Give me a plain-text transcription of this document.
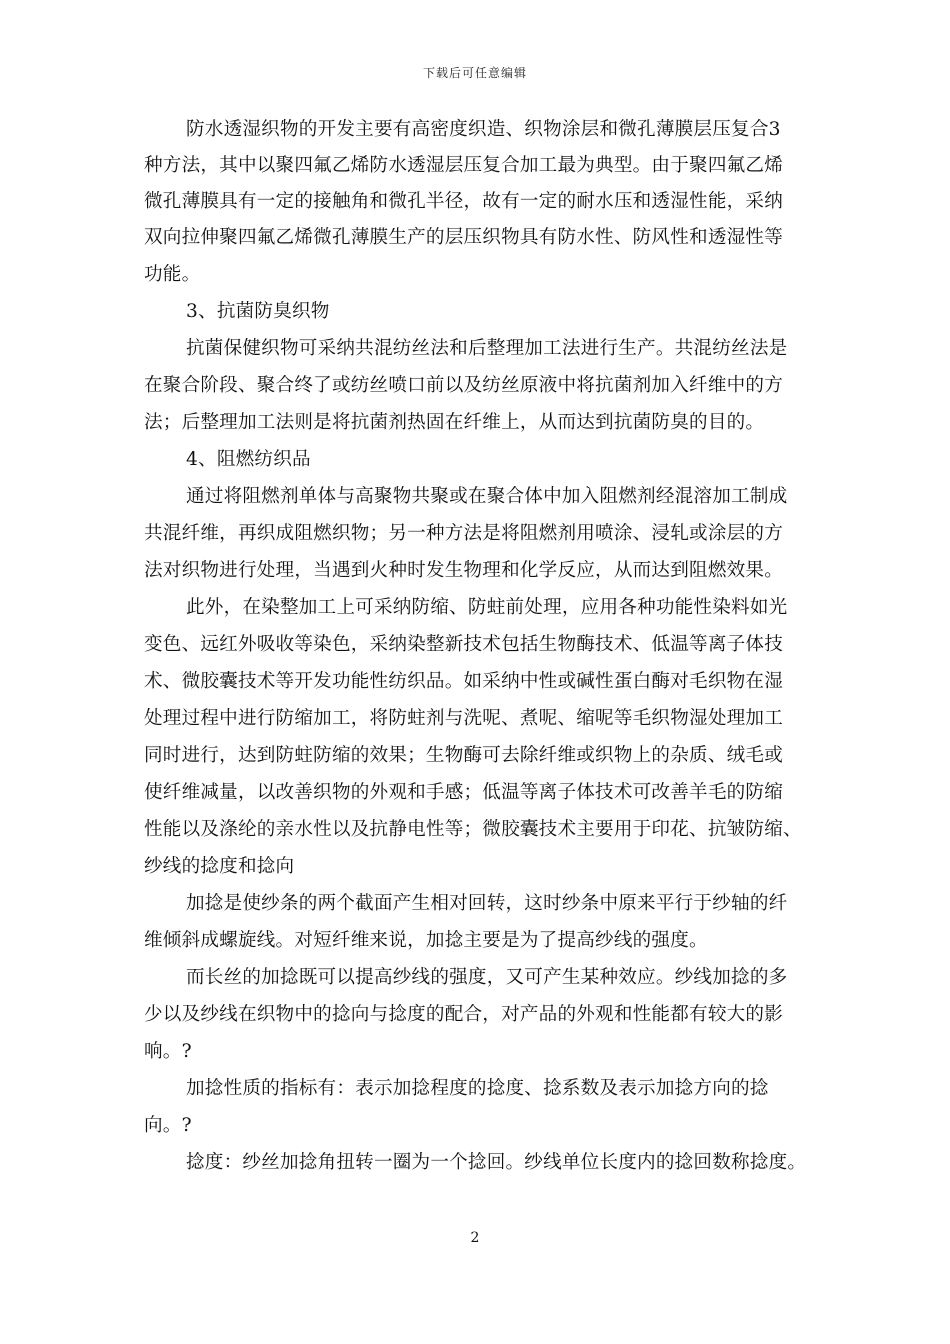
下载后可任意编辑
防水透湿织物的开发主要有高密度织造、织物涂层和微孔薄膜层压复合3
种方法，其中以聚四氟乙烯防水透湿层压复合加工最为典型。由于聚四氟乙烯
微孔薄膜具有一定的接触角和微孔半径，故有一定的耐水压和透湿性能，采纳
双向拉伸聚四氟乙烯微孔薄膜生产的层压织物具有防水性、防风性和透湿性等
功能。
3、抗菌防臭织物
抗菌保健织物可采纳共混纺丝法和后整理加工法进行生产。共混纺丝法是
在聚合阶段、聚合终了或纺丝喷口前以及纺丝原液中将抗菌剂加入纤维中的方
法；后整理加工法则是将抗菌剂热固在纤维上，从而达到抗菌防臭的目的。
4、阻燃纺织品
通过将阻燃剂单体与高聚物共聚或在聚合体中加入阻燃剂经混溶加工制成
共混纤维，再织成阻燃织物；另一种方法是将阻燃剂用喷涂、浸轧或涂层的方
法对织物进行处理，当遇到火种时发生物理和化学反应，从而达到阻燃效果。
此外，在染整加工上可采纳防缩、防蛀前处理，应用各种功能性染料如光
变色、远红外吸收等染色，采纳染整新技术包括生物酶技术、低温等离子体技
术、微胶囊技术等开发功能性纺织品。如采纳中性或碱性蛋白酶对毛织物在湿
处理过程中进行防缩加工，将防蛀剂与洗呢、煮呢、缩呢等毛织物湿处理加工
同时进行，达到防蛀防缩的效果；生物酶可去除纤维或织物上的杂质、绒毛或
使纤维减量，以改善织物的外观和手感；低温等离子体技术可改善羊毛的防缩
性能以及涤纶的亲水性以及抗静电性等；微胶囊技术主要用于印花、抗皱防缩、
纱线的捻度和捻向
加捻是使纱条的两个截面产生相对回转，这时纱条中原来平行于纱轴的纤
维倾斜成螺旋线。对短纤维来说，加捻主要是为了提高纱线的强度。
而长丝的加捻既可以提高纱线的强度，又可产生某种效应。纱线加捻的多
少以及纱线在织物中的捻向与捻度的配合，对产品的外观和性能都有较大的影
响。?
加捻性质的指标有：表示加捻程度的捻度、捻系数及表示加捻方向的捻
向。?
捻度：纱丝加捻角扭转一圈为一个捻回。纱线单位长度内的捻回数称捻度。
2
